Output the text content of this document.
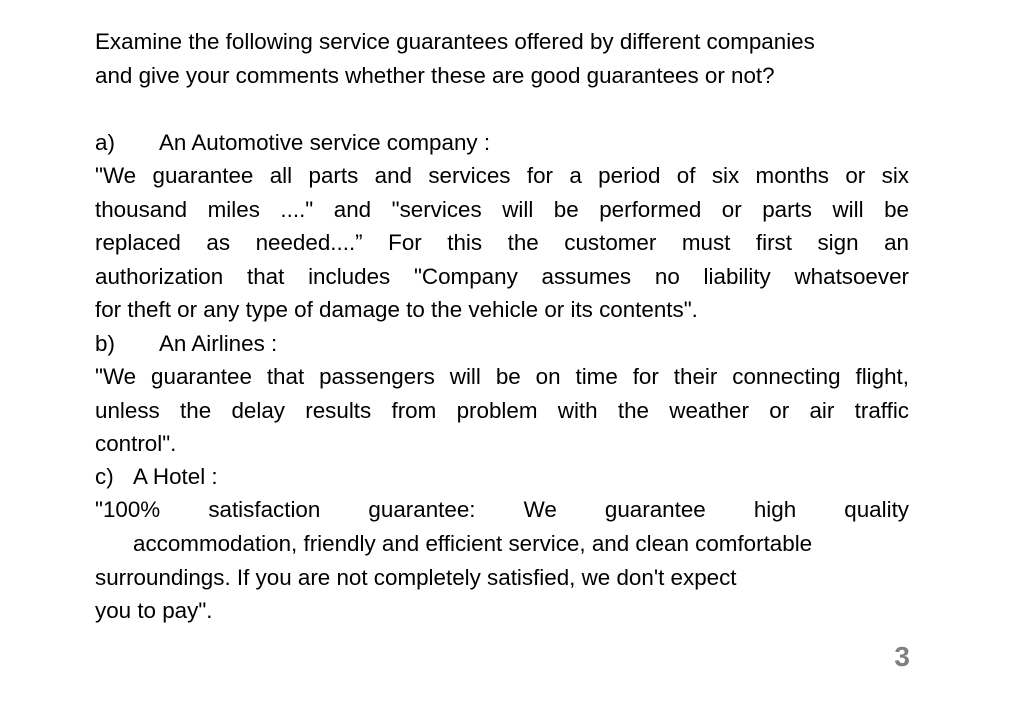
Examine the following service guarantees offered by different companies
and give your comments whether these are good guarantees or not?
a) An Automotive service company :
"We guarantee all parts and services for a period of six months or six
thousand miles ...." and "services will be performed or parts will be
replaced as needed....” For this the customer must first sign an
authorization that includes "Company assumes no liability whatsoever
for theft or any type of damage to the vehicle or its contents".
b) An Airlines :
"We guarantee that passengers will be on time for their connecting flight,
unless the delay results from problem with the weather or air traffic
control".
c) A Hotel :
"100% satisfaction guarantee: We guarantee high quality
accommodation, friendly and efficient service, and clean comfortable
surroundings. If you are not completely satisfied, we don't expect
you to pay".
3
